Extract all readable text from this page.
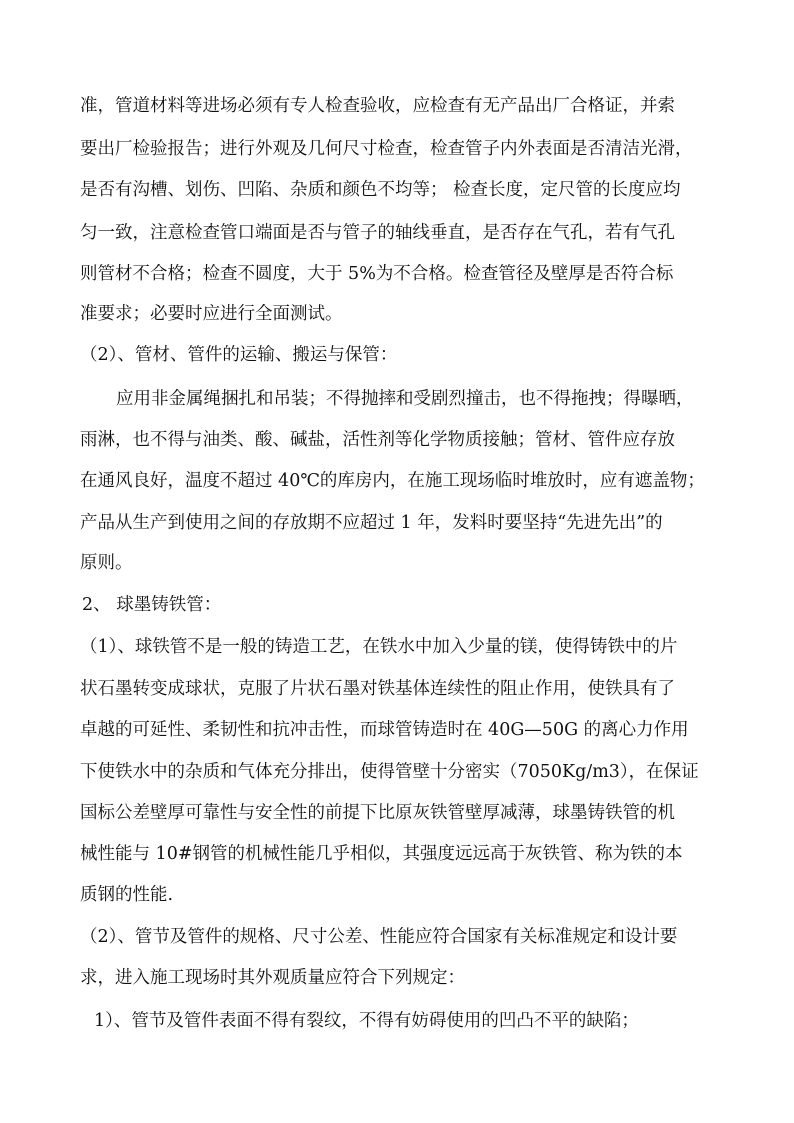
准，管道材料等进场必须有专人检查验收，应检查有无产品出厂合格证，并索

要出厂检验报告；进行外观及几何尺寸检查，检查管子内外表面是否清洁光滑，

是否有沟槽、划伤、凹陷、杂质和颜色不均等； 检查长度，定尺管的长度应均

匀一致，注意检查管口端面是否与管子的轴线垂直，是否存在气孔，若有气孔

则管材不合格；检查不圆度，大于 5%为不合格。检查管径及壁厚是否符合标

准要求；必要时应进行全面测试。

（2）、管材、管件的运输、搬运与保管：

应用非金属绳捆扎和吊装；不得抛摔和受剧烈撞击，也不得拖拽；得曝晒，

雨淋，也不得与油类、酸、碱盐，活性剂等化学物质接触；管材、管件应存放

在通风良好，温度不超过 40℃的库房内，在施工现场临时堆放时，应有遮盖物；

产品从生产到使用之间的存放期不应超过 1 年，发料时要坚持“先进先出”的

原则。

2、 球墨铸铁管：

（1）、球铁管不是一般的铸造工艺，在铁水中加入少量的镁，使得铸铁中的片

状石墨转变成球状，克服了片状石墨对铁基体连续性的阻止作用，使铁具有了

卓越的可延性、柔韧性和抗冲击性，而球管铸造时在 40G—50G 的离心力作用

下使铁水中的杂质和气体充分排出，使得管壁十分密实（7050Kg/m3），在保证

国标公差壁厚可靠性与安全性的前提下比原灰铁管壁厚减薄，球墨铸铁管的机

械性能与 10#钢管的机械性能几乎相似，其强度远远高于灰铁管、称为铁的本

质钢的性能.

（2）、管节及管件的规格、尺寸公差、性能应符合国家有关标准规定和设计要

求，进入施工现场时其外观质量应符合下列规定：

1）、管节及管件表面不得有裂纹，不得有妨碍使用的凹凸不平的缺陷；
